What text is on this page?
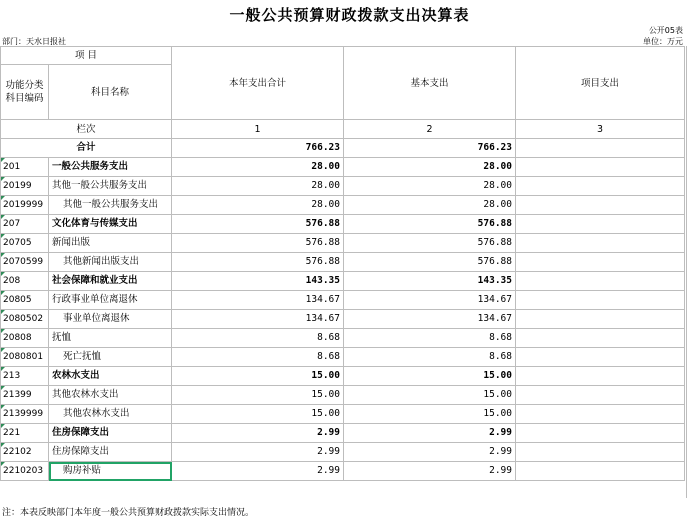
一般公共预算财政拨款支出决算表
公开05表
部门：天水日报社	单位：万元
项 目		本年支出合计	基本支出	项目支出
功能分类科目编码	科目名称			

栏次		1	2	3
合计		766.23	766.23	
201	一般公共服务支出	28.00	28.00	
20199	其他一般公共服务支出	28.00	28.00	
2019999	其他一般公共服务支出	28.00	28.00	
207	文化体育与传媒支出	576.88	576.88	
20705	新闻出版	576.88	576.88	
2070599	其他新闻出版支出	576.88	576.88	
208	社会保障和就业支出	143.35	143.35	
20805	行政事业单位离退休	134.67	134.67	
2080502	事业单位离退休	134.67	134.67	
20808	抚恤	8.68	8.68	
2080801	死亡抚恤	8.68	8.68	
213	农林水支出	15.00	15.00	
21399	其他农林水支出	15.00	15.00	
2139999	其他农林水支出	15.00	15.00	
221	住房保障支出	2.99	2.99	
22102	住房保障支出	2.99	2.99	
2210203	购房补贴	2.99	2.99	
注：本表反映部门本年度一般公共预算财政拨款实际支出情况。
